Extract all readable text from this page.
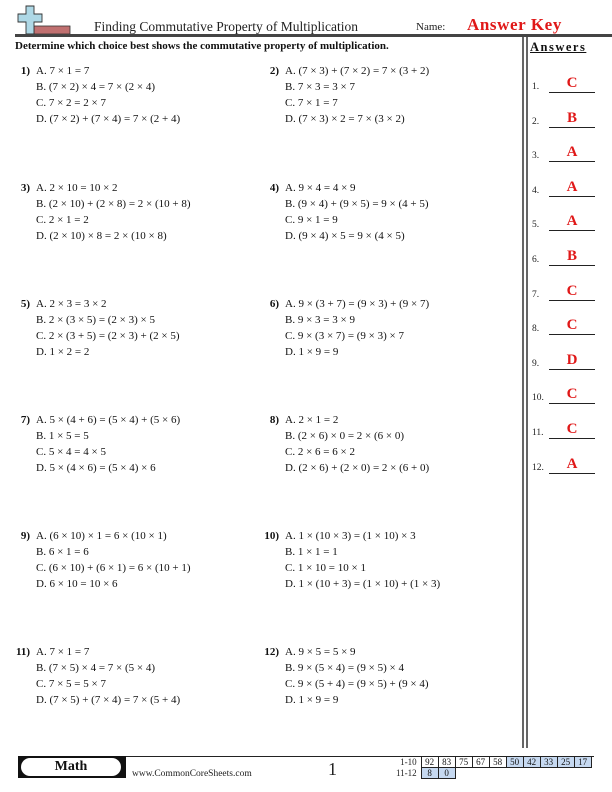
Finding Commutative Property of Multiplication	Name: Answer Key
Determine which choice best shows the commutative property of multiplication.
1) A. 7 × 1 = 7
B. (7 × 2) × 4 = 7 × (2 × 4)
C. 7 × 2 = 2 × 7
D. (7 × 2) + (7 × 4) = 7 × (2 + 4)
2) A. (7 × 3) + (7 × 2) = 7 × (3 + 2)
B. 7 × 3 = 3 × 7
C. 7 × 1 = 7
D. (7 × 3) × 2 = 7 × (3 × 2)
3) A. 2 × 10 = 10 × 2
B. (2 × 10) + (2 × 8) = 2 × (10 + 8)
C. 2 × 1 = 2
D. (2 × 10) × 8 = 2 × (10 × 8)
4) A. 9 × 4 = 4 × 9
B. (9 × 4) + (9 × 5) = 9 × (4 + 5)
C. 9 × 1 = 9
D. (9 × 4) × 5 = 9 × (4 × 5)
5) A. 2 × 3 = 3 × 2
B. 2 × (3 × 5) = (2 × 3) × 5
C. 2 × (3 + 5) = (2 × 3) + (2 × 5)
D. 1 × 2 = 2
6) A. 9 × (3 + 7) = (9 × 3) + (9 × 7)
B. 9 × 3 = 3 × 9
C. 9 × (3 × 7) = (9 × 3) × 7
D. 1 × 9 = 9
7) A. 5 × (4 + 6) = (5 × 4) + (5 × 6)
B. 1 × 5 = 5
C. 5 × 4 = 4 × 5
D. 5 × (4 × 6) = (5 × 4) × 6
8) A. 2 × 1 = 2
B. (2 × 6) × 0 = 2 × (6 × 0)
C. 2 × 6 = 6 × 2
D. (2 × 6) + (2 × 0) = 2 × (6 + 0)
9) A. (6 × 10) × 1 = 6 × (10 × 1)
B. 6 × 1 = 6
C. (6 × 10) + (6 × 1) = 6 × (10 + 1)
D. 6 × 10 = 10 × 6
10) A. 1 × (10 × 3) = (1 × 10) × 3
B. 1 × 1 = 1
C. 1 × 10 = 10 × 1
D. 1 × (10 + 3) = (1 × 10) + (1 × 3)
11) A. 7 × 1 = 7
B. (7 × 5) × 4 = 7 × (5 × 4)
C. 7 × 5 = 5 × 7
D. (7 × 5) + (7 × 4) = 7 × (5 + 4)
12) A. 9 × 5 = 5 × 9
B. 9 × (5 × 4) = (9 × 5) × 4
C. 9 × (5 + 4) = (9 × 5) + (9 × 4)
D. 1 × 9 = 9
Answers
1.	C
2.	B
3.	A
4.	A
5.	A
6.	B
7.	C
8.	C
9.	D
10.	C
11.	C
12.	A
Math	www.CommonCoreSheets.com	1	1-10	92	83	75	67	58	50	42	33	25	17
11-12	8	0								
